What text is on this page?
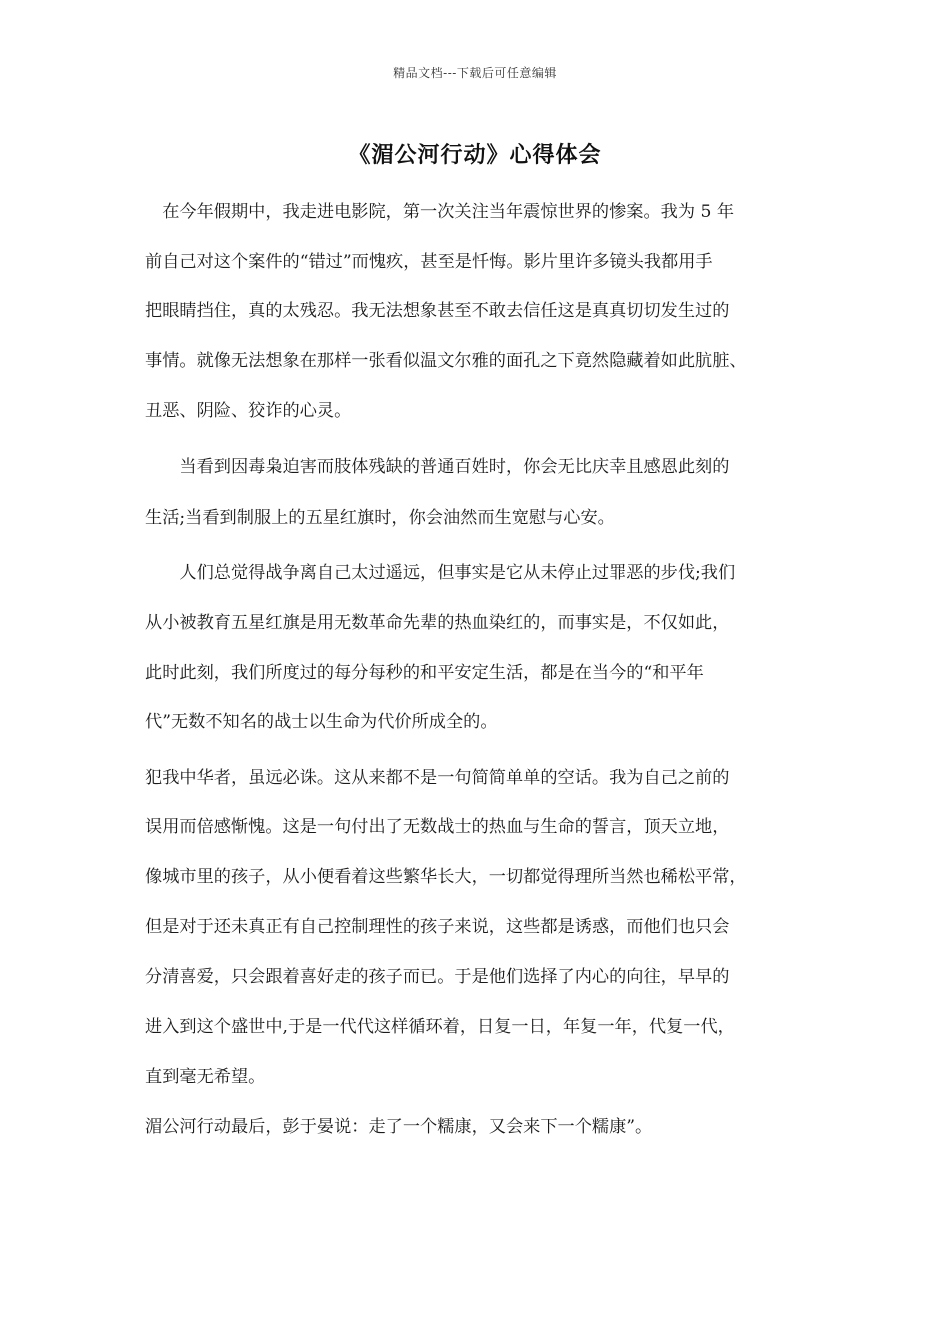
精品文档---下载后可任意编辑
《湄公河行动》心得体会
　在今年假期中，我走进电影院，第一次关注当年震惊世界的惨案。我为 5 年
前自己对这个案件的“错过”而愧疚，甚至是忏悔。影片里许多镜头我都用手
把眼睛挡住，真的太残忍。我无法想象甚至不敢去信任这是真真切切发生过的
事情。就像无法想象在那样一张看似温文尔雅的面孔之下竟然隐藏着如此肮脏、
丑恶、阴险、狡诈的心灵。
　　当看到因毒枭迫害而肢体残缺的普通百姓时，你会无比庆幸且感恩此刻的
生活;当看到制服上的五星红旗时，你会油然而生宽慰与心安。
　　人们总觉得战争离自己太过遥远，但事实是它从未停止过罪恶的步伐;我们
从小被教育五星红旗是用无数革命先辈的热血染红的，而事实是，不仅如此，
此时此刻，我们所度过的每分每秒的和平安定生活，都是在当今的“和平年
代”无数不知名的战士以生命为代价所成全的。
犯我中华者，虽远必诛。这从来都不是一句简简单单的空话。我为自己之前的
误用而倍感惭愧。这是一句付出了无数战士的热血与生命的誓言，顶天立地，
像城市里的孩子，从小便看着这些繁华长大，一切都觉得理所当然也稀松平常，
但是对于还未真正有自己控制理性的孩子来说，这些都是诱惑，而他们也只会
分清喜爱，只会跟着喜好走的孩子而已。于是他们选择了内心的向往，早早的
进入到这个盛世中,于是一代代这样循环着，日复一日，年复一年，代复一代，
直到毫无希望。
湄公河行动最后，彭于晏说：走了一个糯康，又会来下一个糯康”。
